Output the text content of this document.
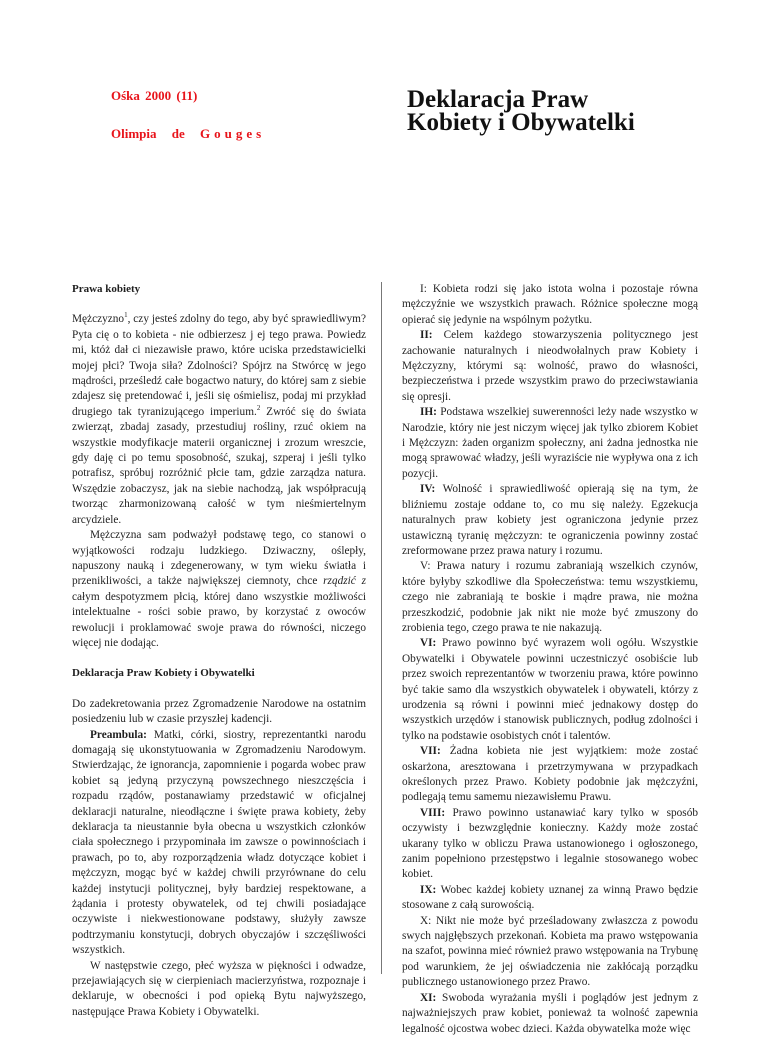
Ośka 2000 (11)
Olimpia de Gouges
Deklaracja Praw
Kobiety i Obywatelki
Prawa kobiety

Mężczyzno$^1$, czy jesteś zdolny do tego, aby być sprawiedliwym? Pyta cię o to kobieta - nie odbierzesz j ej tego prawa. Powiedz mi, któż dał ci niezawisłe prawo, które uciska przedstawicielki mojej płci? Twoja siła? Zdolności? Spójrz na Stwórcę w jego mądrości, prześledź całe bogactwo natury, do której sam z siebie zdajesz się pretendować i, jeśli się ośmielisz, podaj mi przykład drugiego tak tyranizującego imperium.$^2$ Zwróć się do świata zwierząt, zbadaj zasady, przestudiuj rośliny, rzuć okiem na wszystkie modyfikacje materii organicznej i zrozum wreszcie, gdy daję ci po temu sposobność, szukaj, szperaj i jeśli tylko potrafisz, spróbuj rozróżnić płcie tam, gdzie zarządza natura. Wszędzie zobaczysz, jak na siebie nachodzą, jak współpracują tworząc zharmonizowaną całość w tym nieśmiertelnym arcydziele.

Mężczyzna sam podważył podstawę tego, co stanowi o wyjątkowości rodzaju ludzkiego. Dziwaczny, oślepły, napuszony nauką i zdegenerowany, w tym wieku światła i przenikliwości, a także największej ciemnoty, chce rządzić z całym despotyzmem płcią, której dano wszystkie możliwości intelektualne - rości sobie prawo, by korzystać z owoców rewolucji i proklamować swoje prawa do równości, niczego więcej nie dodając.

Deklaracja Praw Kobiety i Obywatelki

Do zadekretowania przez Zgromadzenie Narodowe na ostatnim posiedzeniu lub w czasie przyszłej kadencji.

Preambula: Matki, córki, siostry, reprezentantki narodu domagają się ukonstytuowania w Zgromadzeniu Narodowym. Stwierdzając, że ignorancja, zapomnienie i pogarda wobec praw kobiet są jedyną przyczyną powszechnego nieszczęścia i rozpadu rządów, postanawiamy przedstawić w oficjalnej deklaracji naturalne, nieodłączne i święte prawa kobiety, żeby deklaracja ta nieustannie była obecna u wszystkich członków ciała społecznego i przypominała im zawsze o powinnościach i prawach, po to, aby rozporządzenia władz dotyczące kobiet i mężczyzn, mogąc być w każdej chwili przyrównane do celu każdej instytucji politycznej, były bardziej respektowane, a żądania i protesty obywatelek, od tej chwili posiadające oczywiste i niekwestionowane podstawy, służyły zawsze podtrzymaniu konstytucji, dobrych obyczajów i szczęśliwości wszystkich.

W następstwie czego, płeć wyższa w piękności i odwadze, przejawiających się w cierpieniach macierzyństwa, rozpoznaje i deklaruje, w obecności i pod opieką Bytu najwyższego, następujące Prawa Kobiety i Obywatelki.

I: Kobieta rodzi się jako istota wolna i pozostaje równa mężczyźnie we wszystkich prawach. Różnice społeczne mogą opierać się jedynie na wspólnym pożytku.

II: Celem każdego stowarzyszenia politycznego jest zachowanie naturalnych i nieodwołalnych praw Kobiety i Mężczyzny, którymi są: wolność, prawo do własności, bezpieczeństwa i przede wszystkim prawo do przeciwstawiania się opresji.

IH: Podstawa wszelkiej suwerenności leży nade wszystko w Narodzie, który nie jest niczym więcej jak tylko zbiorem Kobiet i Mężczyzn: żaden organizm społeczny, ani żadna jednostka nie mogą sprawować władzy, jeśli wyraziście nie wypływa ona z ich pozycji.

IV: Wolność i sprawiedliwość opierają się na tym, że bliźniemu zostaje oddane to, co mu się należy. Egzekucja naturalnych praw kobiety jest ograniczona jedynie przez ustawiczną tyranię mężczyzn: te ograniczenia powinny zostać zreformowane przez prawa natury i rozumu.

V: Prawa natury i rozumu zabraniają wszelkich czynów, które byłyby szkodliwe dla Społeczeństwa: temu wszystkiemu, czego nie zabraniają te boskie i mądre prawa, nie można przeszkodzić, podobnie jak nikt nie może być zmuszony do zrobienia tego, czego prawa te nie nakazują.

VI: Prawo powinno być wyrazem woli ogółu. Wszystkie Obywatelki i Obywatele powinni uczestniczyć osobiście lub przez swoich reprezentantów w tworzeniu prawa, które powinno być takie samo dla wszystkich obywatelek i obywateli, którzy z urodzenia są równi i powinni mieć jednakowy dostęp do wszystkich urzędów i stanowisk publicznych, podług zdolności i tylko na podstawie osobistych cnót i talentów.

VII: Żadna kobieta nie jest wyjątkiem: może zostać oskarżona, aresztowana i przetrzymywana w przypadkach określonych przez Prawo. Kobiety podobnie jak mężczyźni, podlegają temu samemu niezawisłemu Prawu.

VIII: Prawo powinno ustanawiać kary tylko w sposób oczywisty i bezwzględnie konieczny. Każdy może zostać ukarany tylko w obliczu Prawa ustanowionego i ogłoszonego, zanim popełniono przestępstwo i legalnie stosowanego wobec kobiet.

IX: Wobec każdej kobiety uznanej za winną Prawo będzie stosowane z całą surowością.

X: Nikt nie może być prześladowany zwłaszcza z powodu swych najgłębszych przekonań. Kobieta ma prawo wstępowania na szafot, powinna mieć również prawo wstępowania na Trybunę pod warunkiem, że jej oświadczenia nie zakłócają porządku publicznego ustanowionego przez Prawo.

XI: Swoboda wyrażania myśli i poglądów jest jednym z najważniejszych praw kobiet, ponieważ ta wolność zapewnia legalność ojcostwa wobec dzieci. Każda obywatelka może więc
